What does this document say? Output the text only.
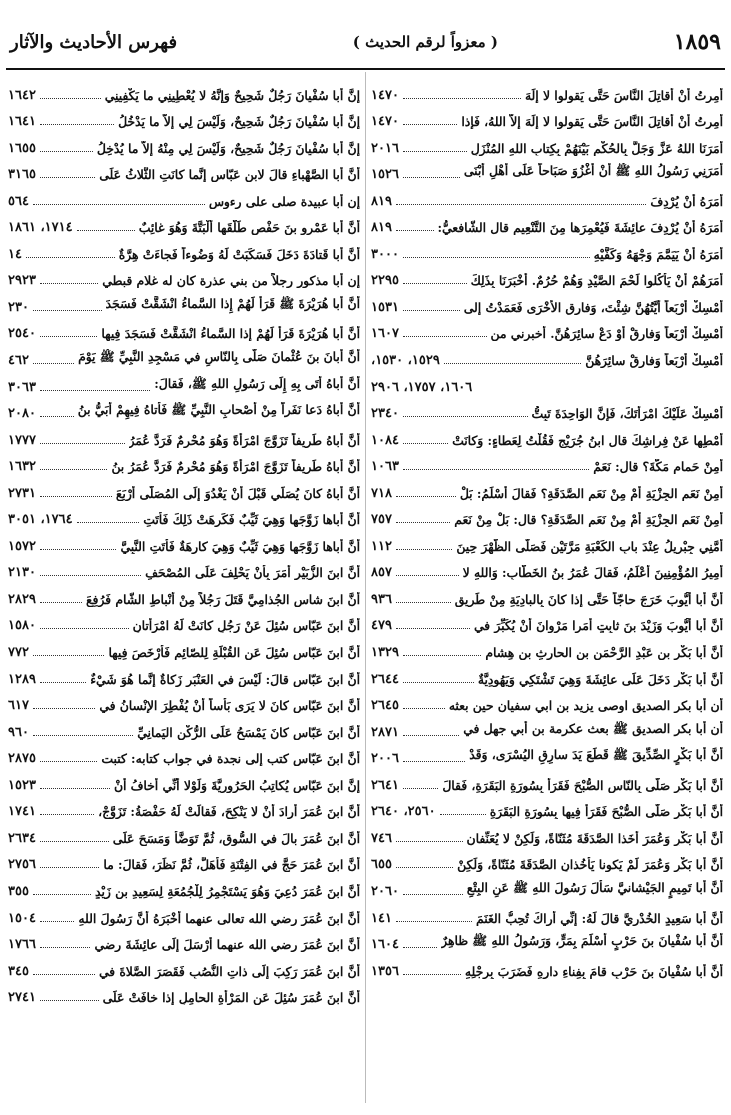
١٨٥٩
( معزواً لرقم الحديث )
فهرس الأحاديث والآثار
أُمِرتُ أنْ أُقاتِلَ النَّاسَ حَتَّى يَقولوا لا إِلَهَ
١٤٧٠
أُمِرتُ أنْ أُقاتِلَ النَّاسَ حَتَّى يَقولوا لا إِلَهَ إلاَّ اللهُ، فَإِذا
١٤٧٠
أَمَرَنَا اللهُ عَزَّ وَجَلَّ بِالحُكْمِ بَيْنَهُمْ بِكِتابِ اللهِ المُنْزَلِ
٢٠١٦
أَمَرَنِي رَسُولُ اللهِ ﷺ أَنْ أَغْزُوَ صَبَاحاً عَلَى أَهْلِ أُبْنَى
١٥٢٦
أَمَرَهُ أَنْ يُرْدِفَ
٨١٩
أَمَرَهُ أَنْ يُرْدِفَ عائِشَةَ فَيُعْمِرَها مِنَ التَّنْعِيمِ قال الشّافعيُّ:
٨١٩
أَمَرَهُ أَنْ يَيَمَّمَ وَجْهَهُ وَكَفَّيْهِ
٣٠٠٠
أَمَرَهُمْ أَنْ يَأْكُلوا لَحْمَ الصَّيْدِ وَهُمْ حُرُمٌ. أَخْبَرَنَا بِذَلِكَ
٢٢٩٥
أَمْسِكْ أَرْبَعاً أَيَّتُهُنَّ شِئْتَ، وَفارِقِ الأُخْرَى فَعَمَدْتُ إلى
١٥٣١
أَمْسِكْ أَرْبَعاً وَفارِقْ أَوْ دَعْ سائِرَهُنَّ. أخبرني من
١٦٠٧
أَمْسِكْ أَرْبَعاً وَفارِقْ سائِرَهُنَّ
١٥٢٩، ١٥٣٠،
١٦٠٦، ١٧٥٧، ٢٩٠٦
أَمْسِكْ عَلَيْكَ امْرَأَتَكَ، فَإِنَّ الوَاحِدَةَ تَبِتُّ
٢٣٤٠
أَمْطِها عَنْ فِراشِكَ قال ابنُ جُرَيْجٍ فَقُلْتُ لِعَطاءٍ: وَكانَتْ
١٠٨٤
أَمِنْ حَمامِ مَكَّةَ؟ قال: نَعَمْ
١٠٦٣
أَمِنْ نَعَمِ الجِزْيَةِ أَمْ مِنْ نَعَمِ الصَّدَقَةِ؟ فَقالَ أَسْلَمُ: بَلْ
٧١٨
أَمِنْ نَعَمِ الجِزْيَةِ أَمْ مِنْ نَعَمِ الصَّدَقَةِ؟ قال: بَلْ مِنْ نَعَمِ
٧٥٧
أَمَّنِي جِبْرِيلُ عِنْدَ بابِ الكَعْبَةِ مَرَّتَيْنِ فَصَلَّى الظُّهْرَ حِينَ
١١٢
أَمِيرُ المُؤْمِنِينَ أَعْلَمُ، فَقالَ عُمَرُ بنُ الخَطّابِ: وَاللهِ لا
٨٥٧
أنَّ أَبا أَيُّوبَ خَرَجَ حاجّاً حَتَّى إِذا كانَ بِالبادِيَةِ مِنْ طَرِيقِ
٩٣٦
أنَّ أَبا أَيُّوبَ وَزَيْدَ بنَ ثابِتٍ أَمَرا مَرْوانَ أَنْ يُكَبِّرَ في
٤٧٩
أنَّ أَبا بَكْرِ بنِ عَبْدِ الرَّحْمَنِ بنِ الحارِثِ بنِ هِشامٍ
١٣٢٩
أنَّ أَبا بَكْرٍ دَخَلَ عَلَى عائِشَةَ وَهِيَ تَشْتَكِي وَيَهُودِيَّةٌ
٢٦٤٤
أن أبا بكر الصديق اوصى يزيد بن ابي سفيان حين بعثه
٢٦٤٥
أن أبا بكر الصديق ﷺ بعث عكرمة بن أبي جهل في
٢٨٧١
أنَّ أَبا بَكْرٍ الصِّدِّيقَ ﷺ قَطَعَ يَدَ سارِقِ اليُسْرَى، وَقَدْ
٢٠٠٦
أنَّ أَبا بَكْرٍ صَلَّى بِالنّاسِ الصُّبْحَ فَقَرَأَ بِسُورَةِ البَقَرَةِ، فَقالَ
٢٦٤١
أنَّ أَبا بَكْرٍ صَلَّى الصُّبْحَ فَقَرَأَ فِيها بِسُورَةِ البَقَرَةِ
٢٥٦٠، ٢٦٤٠
أنَّ أَبا بَكْرٍ وَعُمَرَ أَخَذا الصَّدَقَةَ مُثَنّاةً، وَلَكِنْ لا يُعَنِّفان
٧٤٦
أنَّ أَبا بَكْرٍ وَعُمَرَ لَمْ يَكونا يَأْخُذانِ الصَّدَقَةَ مُثَنّاةً، وَلَكِنْ
٦٥٥
أنَّ أَبا تَمِيمٍ الجَيْشانيَّ سَأَلَ رَسُولَ اللهِ ﷺ عَنِ البِتْعِ
٢٠٦٠
أنَّ أَبا سَعِيدٍ الخُدْرِيَّ قالَ لَهُ: إِنِّي أَراكَ تُحِبُّ الغَنَمَ
١٤١
أنَّ أَبا سُفْيانَ بنَ حَرْبٍ أَسْلَمَ بِمَرٍّ، وَرَسُولُ اللهِ ﷺ ظاهِرٌ
١٦٠٤
أنَّ أَبا سُفْيانَ بنَ حَرْبٍ قامَ بِفِناءِ دارِهِ فَضَرَبَ بِرِجْلِهِ
١٣٥٦
إِنَّ أَبا سُفْيانَ رَجُلٌ شَحِيحٌ وَإِنَّهُ لا يُعْطِينِي ما يَكْفِينِي
١٦٤٢
إِنَّ أَبا سُفْيانَ رَجُلٌ شَحِيحٌ، وَلَيْسَ لِي إِلاَّ ما يَدْخُلُ
١٦٤١
إِنَّ أَبا سُفْيانَ رَجُلٌ شَحِيحٌ، وَلَيْسَ لِي مِنْهُ إِلاَّ ما يُدْخِلُ
١٦٥٥
أنَّ أَبا الصَّهْباءِ قالَ لابنِ عَبّاسٍ إِنَّما كانَتِ الثَّلاثُ عَلَى
٣١٦٥
إن أبا عبيدة صلى على رءوس
٥٦٤
أنَّ أَبا عَمْرِو بنَ حَفْصٍ طَلَّقَها أَلْبَتَّةَ وَهُوَ غائِبٌ
١٧١٤، ١٨٦١
أنَّ أَبا قَتادَةَ دَخَلَ فَسَكَبَتْ لَهُ وَضُوءاً فَجاءَتْ هِرَّةٌ
١٤
إن أبا مذكور رجلاً من بني عذرة كان له غلام قبطي
٢٩٢٣
أنَّ أَبا هُرَيْرَةَ ﷺ قَرَأَ لَهُمْ إِذا السَّماءُ انْشَقَّتْ فَسَجَدَ
٢٣٠
أنَّ أَبا هُرَيْرَةَ قَرَأَ لَهُمْ إِذا السَّماءُ انْشَقَّتْ فَسَجَدَ فِيها
٢٥٤٠
أنَّ أَبانَ بنَ عُثْمانَ صَلَّى بِالنّاسِ في مَسْجِدِ النَّبِيِّ ﷺ يَوْمَ
٤٦٢
أنَّ أَباهُ أَتَى بِهِ إِلَى رَسُولِ اللهِ ﷺ، فَقالَ:
٣٠٦٣
أنَّ أَباهُ دَعا نَفَراً مِنْ أَصْحابِ النَّبِيِّ ﷺ فَأَتاهُ فِيهِمْ أُبَيُّ بنُ
٢٠٨٠
أنَّ أَباهُ طَرِيفاً تَزَوَّجَ امْرَأَةً وَهُوَ مُحْرِمٌ فَرَدَّ عُمَرُ
١٧٧٧
أنَّ أَباهُ طَرِيفاً تَزَوَّجَ امْرَأَةً وَهُوَ مُحْرِمٌ فَرَدَّ عُمَرُ بنُ
١٦٣٢
أنَّ أَباهُ كانَ يُصَلِّي قَبْلَ أَنْ يَغْدُوَ إِلَى المُصَلَّى أَرْبَعَ
٢٧٣١
أنَّ أَباها زَوَّجَها وَهِيَ ثَيِّبٌ فَكَرِهَتْ ذَلِكَ فَأَتَتِ
١٧٦٤، ٣٠٥١
أنَّ أَباها زَوَّجَها وَهِيَ ثَيِّبٌ وَهِيَ كارِهَةٌ فَأَتَتِ النَّبِيَّ
١٥٧٢
أنَّ ابنَ الزُّبَيْرِ أَمَرَ بِأَنْ يَحْلِفَ عَلَى المُصْحَفِ
٢١٣٠
أنَّ ابنَ شاسٍ الجُذامِيَّ قَتَلَ رَجُلاً مِنْ أَنْباطِ الشّامِ فَرُفِعَ
٢٨٢٩
أنَّ ابنَ عَبّاسٍ سُئِلَ عَنْ رَجُلٍ كانَتْ لَهُ امْرَأَتانِ
١٥٨٠
أنَّ ابنَ عَبّاسٍ سُئِلَ عَنِ القُبْلَةِ لِلصّائِمِ فَأَرْخَصَ فِيها
٧٧٢
أنَّ ابنَ عَبّاسٍ قالَ: لَيْسَ في العَنْبَرِ زَكاةٌ إِنَّما هُوَ شَيْءٌ
١٢٨٩
أنَّ ابنَ عَبّاسٍ كانَ لا يَرَى بَأْساً أَنْ يُفْطِرَ الإِنْسانُ في
٦١٧
أنَّ ابنَ عَبّاسٍ كانَ يَمْسَحُ عَلَى الرُّكْنِ اليَمانِيِّ
٩٦٠
أنَّ ابنَ عَبّاسٍ كتب إلى نجدة في جواب كتابه: كتبت
٢٨٧٥
إنَّ ابنَ عَبّاسٍ يُكاتِبُ الحَرُورِيَّةَ وَلَوْلا أَنِّي أَخافُ أَنْ
١٥٢٣
أنَّ ابنَ عُمَرَ أَرادَ أَنْ لا يَنْكِحَ، فَقالَتْ لَهُ حَفْصَةُ: تَزَوَّجْ،
١٧٤١
أنَّ ابنَ عُمَرَ بالَ في السُّوقِ، ثُمَّ تَوَضَّأَ وَمَسَحَ عَلَى
٢٦٣٤
أنَّ ابنَ عُمَرَ حَجَّ في الفِتْنَةِ فَأَهَلَّ، ثُمَّ نَظَرَ، فَقالَ: ما
٢٧٥٦
أنَّ ابنَ عُمَرَ دُعِيَ وَهُوَ يَسْتَجْمِرُ لِلْجُمُعَةِ لِسَعِيدِ بنِ زَيْدٍ
٣٥٥
أنَّ ابنَ عُمَرَ رضي الله تعالى عنهما أَخْبَرَهُ أَنَّ رَسُولَ اللهِ
١٥٠٤
أنَّ ابنَ عُمَرَ رضي الله عنهما أَرْسَلَ إِلَى عائِشَةَ رضي
١٧٦٦
أنَّ ابنَ عُمَرَ رَكِبَ إِلَى ذاتِ النُّصُبِ فَقَصَرَ الصَّلاةَ في
٣٤٥
أنَّ ابنَ عُمَرَ سُئِلَ عَنِ المَرْأَةِ الحامِلِ إِذا خافَتْ عَلَى
٢٧٤١
